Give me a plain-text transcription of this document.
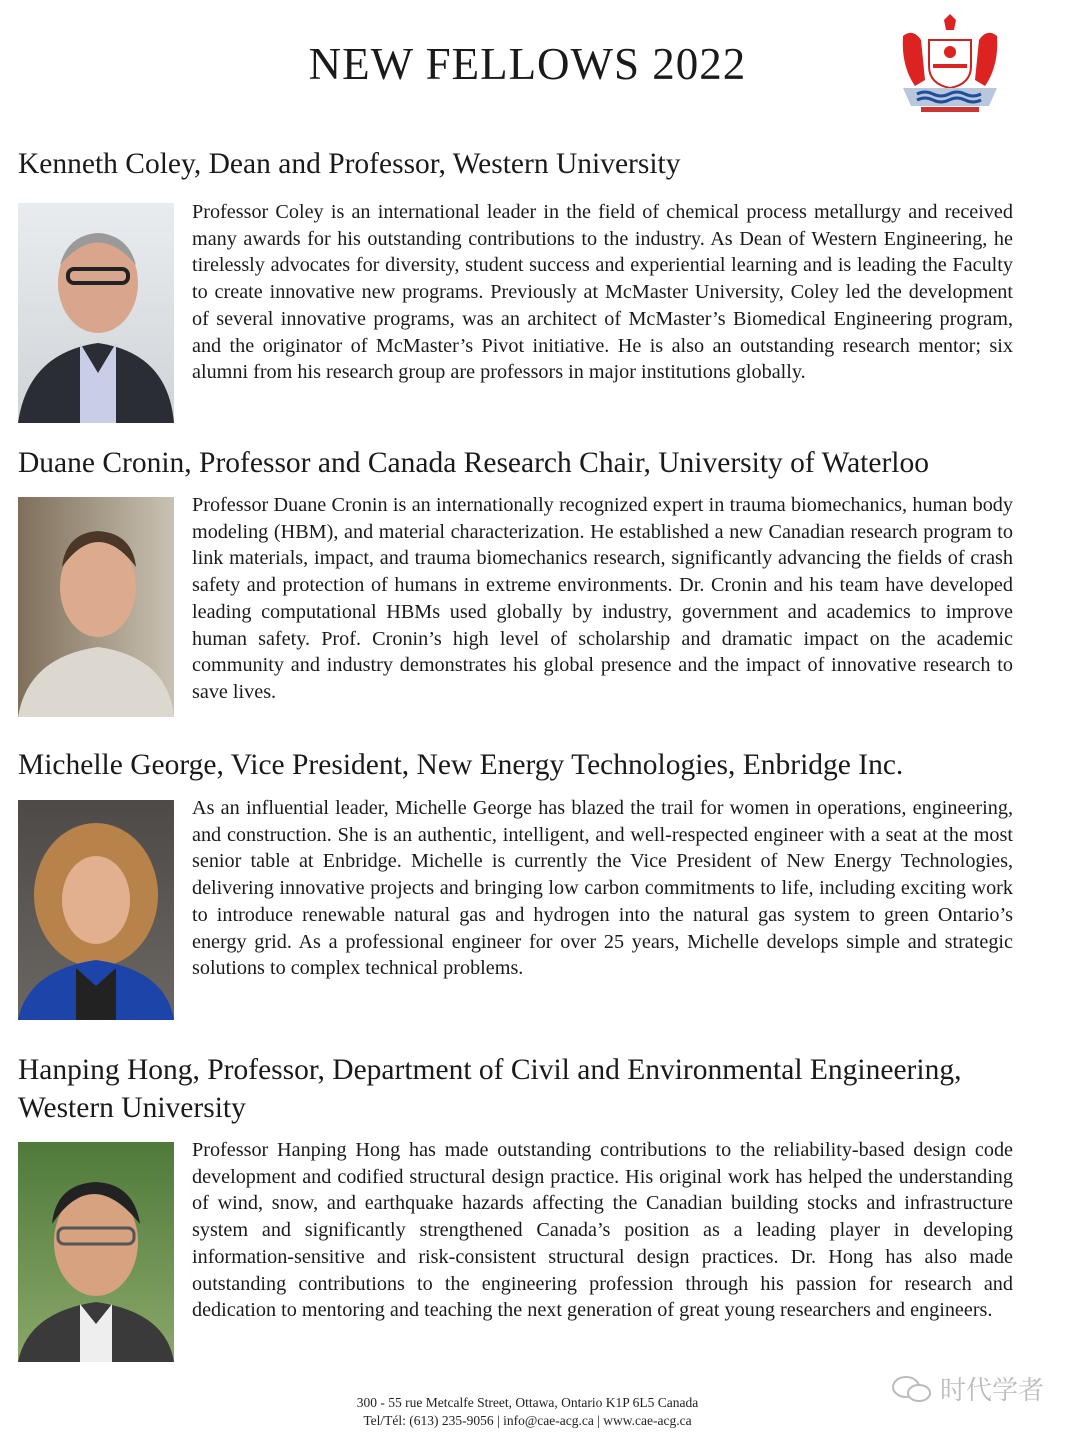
NEW FELLOWS 2022
Kenneth Coley, Dean and Professor, Western University
Professor Coley is an international leader in the field of chemical process metallurgy and received many awards for his outstanding contributions to the industry. As Dean of Western Engineering, he tirelessly advocates for diversity, student success and experiential learning and is leading the Faculty to create innovative new programs. Previously at McMaster University, Coley led the development of several innovative programs, was an architect of McMaster’s Biomedical Engineering program, and the originator of McMaster’s Pivot initiative. He is also an outstanding research mentor; six alumni from his research group are professors in major institutions globally.
Duane Cronin, Professor and Canada Research Chair, University of Waterloo
Professor Duane Cronin is an internationally recognized expert in trauma biomechanics, human body modeling (HBM), and material characterization. He established a new Canadian research program to link materials, impact, and trauma biomechanics research, significantly advancing the fields of crash safety and protection of humans in extreme environments. Dr. Cronin and his team have developed leading computational HBMs used globally by industry, government and academics to improve human safety. Prof. Cronin’s high level of scholarship and dramatic impact on the academic community and industry demonstrates his global presence and the impact of innovative research to save lives.
Michelle George, Vice President, New Energy Technologies, Enbridge Inc.
As an influential leader, Michelle George has blazed the trail for women in operations, engineering, and construction. She is an authentic, intelligent, and well-respected engineer with a seat at the most senior table at Enbridge. Michelle is currently the Vice President of New Energy Technologies, delivering innovative projects and bringing low carbon commitments to life, including exciting work to introduce renewable natural gas and hydrogen into the natural gas system to green Ontario’s energy grid. As a professional engineer for over 25 years, Michelle develops simple and strategic solutions to complex technical problems.
Hanping Hong, Professor, Department of Civil and Environmental Engineering, Western University
Professor Hanping Hong has made outstanding contributions to the reliability-based design code development and codified structural design practice. His original work has helped the understanding of wind, snow, and earthquake hazards affecting the Canadian building stocks and infrastructure system and significantly strengthened Canada’s position as a leading player in developing information-sensitive and risk-consistent structural design practices. Dr. Hong has also made outstanding contributions to the engineering profession through his passion for research and dedication to mentoring and teaching the next generation of great young researchers and engineers.
300 - 55 rue Metcalfe Street, Ottawa, Ontario K1P 6L5 Canada
Tel/Tél: (613) 235-9056 | info@cae-acg.ca | www.cae-acg.ca
时代学者
